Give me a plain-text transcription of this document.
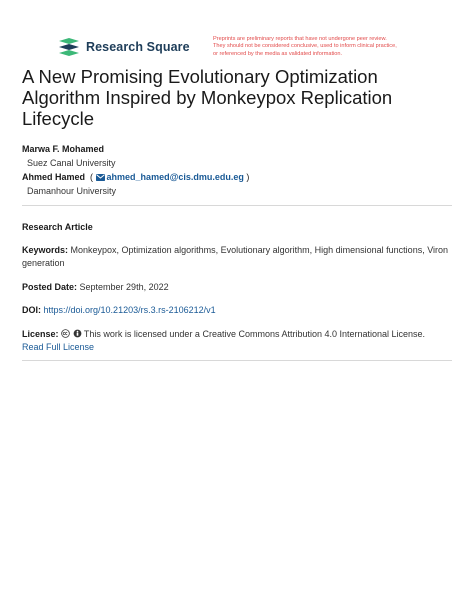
Research Square
Preprints are preliminary reports that have not undergone peer review.
They should not be considered conclusive, used to inform clinical practice,
or referenced by the media as validated information.
A New Promising Evolutionary Optimization
Algorithm Inspired by Monkeypox Replication
Lifecycle
Marwa F. Mohamed
Suez Canal University
Ahmed Hamed  ( ahmed_hamed@cis.dmu.edu.eg )
Damanhour University
Research Article
Keywords: Monkeypox, Optimization algorithms, Evolutionary algorithm, High dimensional functions, Viron generation
Posted Date: September 29th, 2022
DOI: https://doi.org/10.21203/rs.3.rs-2106212/v1
License:	This work is licensed under a Creative Commons Attribution 4.0 International License.
Read Full License
